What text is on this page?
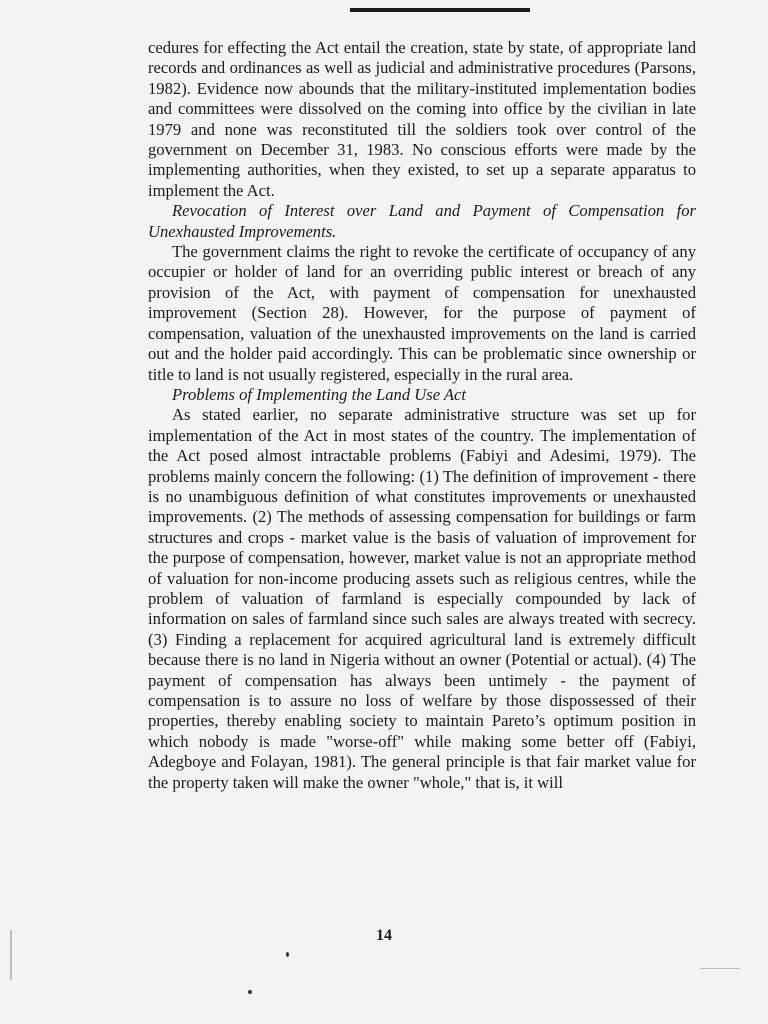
cedures for effecting the Act entail the creation, state by state, of appropriate land records and ordinances as well as judicial and administrative procedures (Parsons, 1982). Evidence now abounds that the military-instituted implementation bodies and committees were dissolved on the coming into office by the civilian in late 1979 and none was reconstituted till the soldiers took over control of the government on December 31, 1983. No conscious efforts were made by the implementing authorities, when they existed, to set up a separate apparatus to implement the Act.

Revocation of Interest over Land and Payment of Compensation for Unexhausted Improvements.

The government claims the right to revoke the certificate of occupancy of any occupier or holder of land for an overriding public interest or breach of any provision of the Act, with payment of compensation for unexhausted improvement (Section 28). However, for the purpose of payment of compensation, valuation of the unexhausted improvements on the land is carried out and the holder paid accordingly. This can be problematic since ownership or title to land is not usually registered, especially in the rural area.

Problems of Implementing the Land Use Act

As stated earlier, no separate administrative structure was set up for implementation of the Act in most states of the country. The implementation of the Act posed almost intractable problems (Fabiyi and Adesimi, 1979). The problems mainly concern the following: (1) The definition of improvement - there is no unambiguous definition of what constitutes improvements or unexhausted improvements. (2) The methods of assessing compensation for buildings or farm structures and crops - market value is the basis of valuation of improvement for the purpose of compensation, however, market value is not an appropriate method of valuation for non-income producing assets such as religious centres, while the problem of valuation of farmland is especially compounded by lack of information on sales of farmland since such sales are always treated with secrecy. (3) Finding a replacement for acquired agricultural land is extremely difficult because there is no land in Nigeria without an owner (Potential or actual). (4) The payment of compensation has always been untimely - the payment of compensation is to assure no loss of welfare by those dispossessed of their properties, thereby enabling society to maintain Pareto’s optimum position in which nobody is made "worse-off" while making some better off (Fabiyi, Adegboye and Folayan, 1981). The general principle is that fair market value for the property taken will make the owner "whole," that is, it will

14
